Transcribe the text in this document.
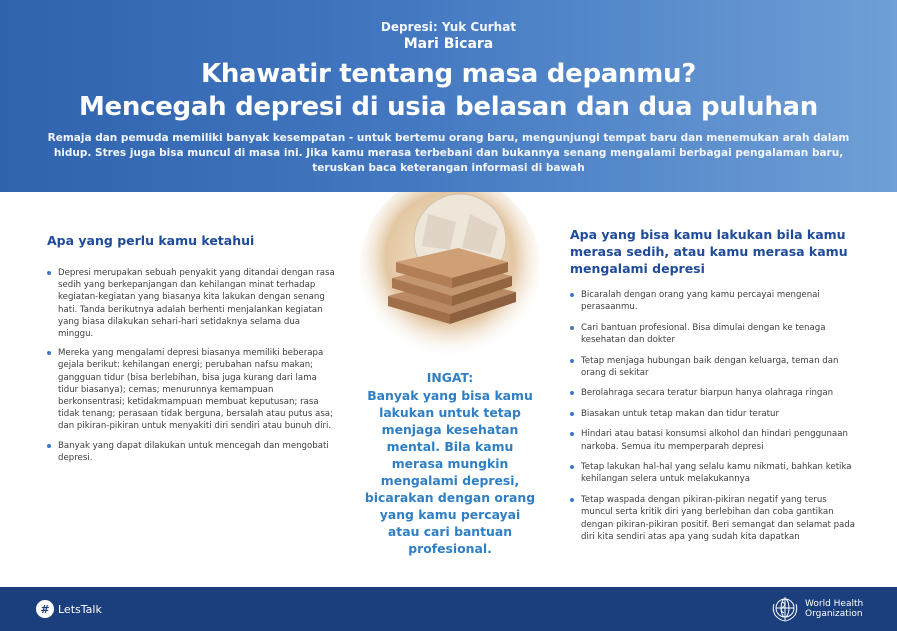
Depresi: Yuk Curhat
Mari Bicara
Khawatir tentang masa depanmu?
Mencegah depresi di usia belasan dan dua puluhan
Remaja dan pemuda memiliki banyak kesempatan - untuk bertemu orang baru, mengunjungi tempat baru dan menemukan arah dalam hidup. Stres juga bisa muncul di masa ini. Jika kamu merasa terbebani dan bukannya senang mengalami berbagai pengalaman baru, teruskan baca keterangan informasi di bawah
Apa yang perlu kamu ketahui
Depresi merupakan sebuah penyakit yang ditandai dengan rasa sedih yang berkepanjangan dan kehilangan minat terhadap kegiatan-kegiatan yang biasanya kita lakukan dengan senang hati. Tanda berikutnya adalah berhenti menjalankan kegiatan yang biasa dilakukan sehari-hari setidaknya selama dua minggu.
Mereka yang mengalami depresi biasanya memiliki beberapa gejala berikut: kehilangan energi; perubahan nafsu makan; gangguan tidur (bisa berlebihan, bisa juga kurang dari lama tidur biasanya); cemas; menurunnya kemampuan berkonsentrasi; ketidakmampuan membuat keputusan; rasa tidak tenang; perasaan tidak berguna, bersalah atau putus asa; dan pikiran-pikiran untuk menyakiti diri sendiri atau bunuh diri.
Banyak yang dapat dilakukan untuk mencegah dan mengobati depresi.
INGAT:
Banyak yang bisa kamu lakukan untuk tetap menjaga kesehatan mental. Bila kamu merasa mungkin mengalami depresi, bicarakan dengan orang yang kamu percayai atau cari bantuan profesional.
Apa yang bisa kamu lakukan bila kamu merasa sedih, atau kamu merasa kamu mengalami depresi
Bicaralah dengan orang yang kamu percayai mengenai perasaanmu.
Cari bantuan profesional. Bisa dimulai dengan ke tenaga kesehatan dan dokter
Tetap menjaga hubungan baik dengan keluarga, teman dan orang di sekitar
Berolahraga secara teratur biarpun hanya olahraga ringan
Biasakan untuk tetap makan dan tidur teratur
Hindari atau batasi konsumsi alkohol dan hindari penggunaan narkoba. Semua itu memperparah depresi
Tetap lakukan hal-hal yang selalu kamu nikmati, bahkan ketika kehilangan selera untuk melakukannya
Tetap waspada dengan pikiran-pikiran negatif yang terus muncul serta kritik diri yang berlebihan dan coba gantikan dengan pikiran-pikiran positif. Beri semangat dan selamat pada diri kita sendiri atas apa yang sudah kita dapatkan
# LetsTalk	World Health
Organization
